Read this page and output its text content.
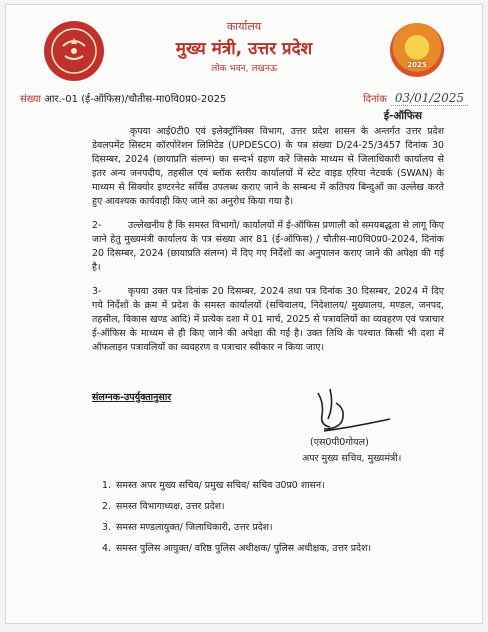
कार्यालय
मुख्य मंत्री, उत्तर प्रदेश
लोक भवन, लखनऊ	2025
संख्या आर.-01 (ई-ऑफिस)/चौतीस-मा0वि0प्र0-2025	दिनांक 03/01/2025
ई-ऑफिस

कृपया आई0टी0 एवं इलेक्ट्रॉनिक्स विभाग, उत्तर प्रदेश शासन के अन्तर्गत उत्तर प्रदेश डेवलपमेंट सिस्टम कॉरपोरेशन लिमिटेड (UPDESCO) के पत्र संख्या D/24-25/3457 दिनांक 30 दिसम्बर, 2024 (छायाप्रति संलग्न) का सन्दर्भ ग्रहण करें जिसके माध्यम से जिलाधिकारी कार्यालय से इतर अन्य जनपदीय, तहसील एवं ब्लॉक स्तरीय कार्यालयों में स्टेट वाइड एरिया नेटवर्क (SWAN) के माध्यम से सिक्योर इण्टरनेट सर्विस उपलब्ध कराए जाने के सम्बन्ध में कतिपय बिन्दुओं का उल्लेख करते हुए आवश्यक कार्यवाही किए जाने का अनुरोध किया गया है।

2-	उल्लेखनीय है कि समस्त विभागों/ कार्यालयों में ई-ऑफिस प्रणाली को समयबद्धता से लागू किए जाने हेतु मुख्यमंत्री कार्यालय के पत्र संख्या आर 81 (ई-ऑफिस) / चौतीस-मा0वि0प्र0-2024, दिनांक 20 दिसम्बर, 2024 (छायाप्रति संलग्न) में दिए गए निर्देशों का अनुपालन कराए जाने की अपेक्षा की गई है।

3-	कृपया उक्त पत्र दिनांक 20 दिसम्बर, 2024 तथा पत्र दिनांक 30 दिसम्बर, 2024 में दिए गये निर्देशों के क्रम में प्रदेश के समस्त कार्यालयों (सचिवालय, निदेशालय/ मुख्यालय, मण्डल, जनपद, तहसील, विकास खण्ड आदि) में प्रत्येक दशा में 01 मार्च, 2025 से पत्रावलियों का व्यवहरण एवं पत्राचार ई-ऑफिस के माध्यम से ही किए जाने की अपेक्षा की गई है। उक्त तिथि के पश्चात किसी भी दशा में ऑफलाइन पत्रावलियों का व्यवहरण व पत्राचार स्वीकार न किया जाए।

संलग्नक-उपर्युक्तानुसार
(एस0पी0गोयल)
अपर मुख्य सचिव, मुख्यमंत्री।
1. समस्त अपर मुख्य सचिव/ प्रमुख सचिव/ सचिव उ0प्र0 शासन।
2. समस्त विभागाध्यक्ष, उत्तर प्रदेश।
3. समस्त मण्डलायुक्त/ जिलाधिकारी, उत्तर प्रदेश।
4. समस्त पुलिस आयुक्त/ वरिष्ठ पुलिस अधीक्षक/ पुलिस अधीक्षक, उत्तर प्रदेश।
